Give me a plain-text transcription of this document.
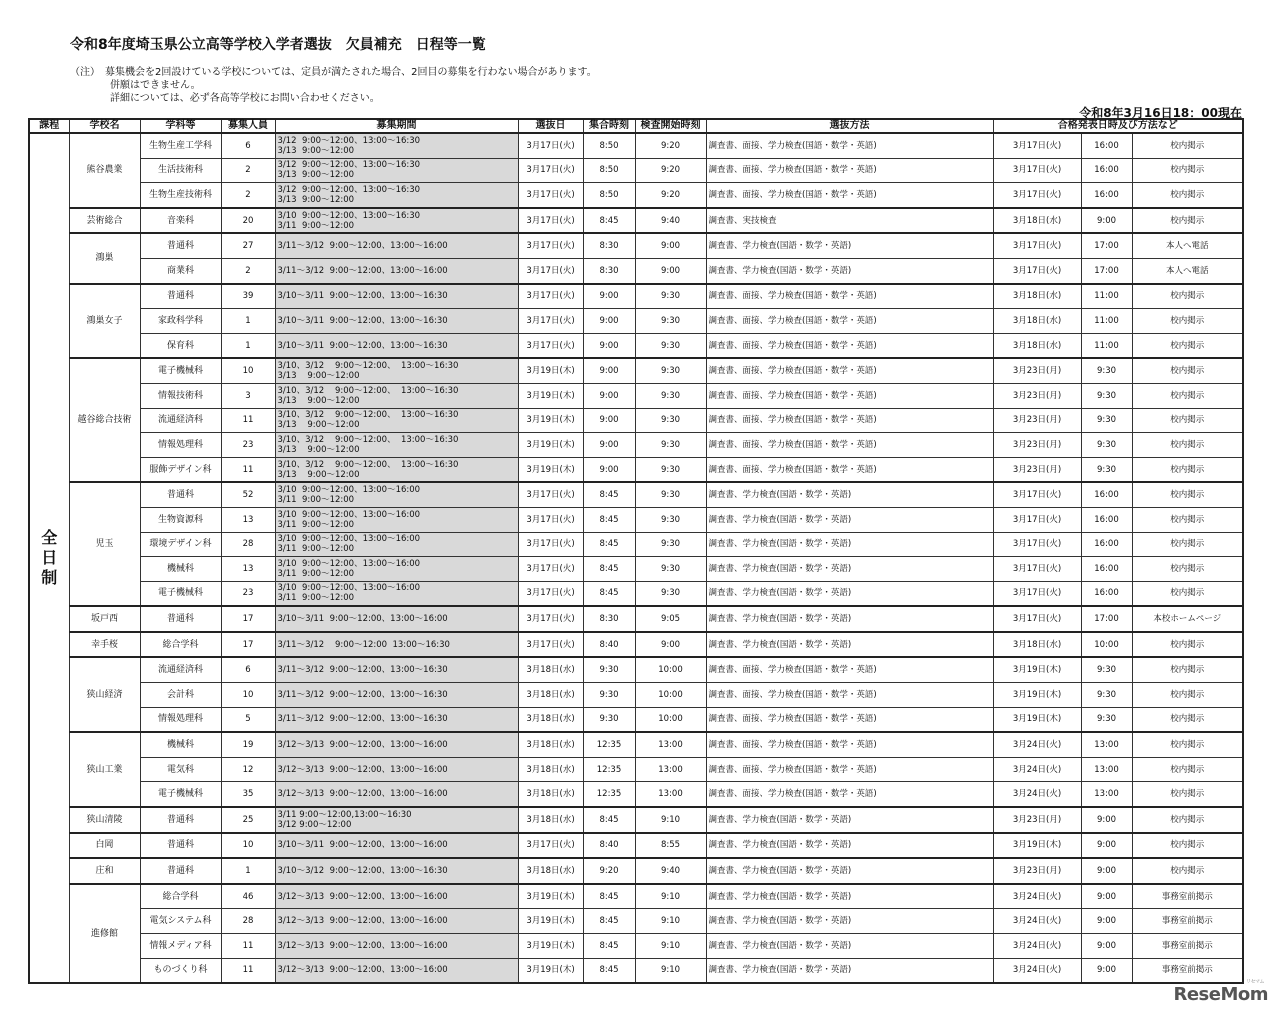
令和8年度埼玉県公立高等学校入学者選抜　欠員補充　日程等一覧
（注）　募集機会を2回設けている学校については、定員が満たされた場合、2回目の募集を行わない場合があります。
　　　　併願はできません。
　　　　詳細については、必ず各高等学校にお問い合わせください。
令和8年3月16日18：00現在
課程	学校名	学科等	募集人員	募集期間	選抜日	集合時刻	検査開始時刻	選抜方法	合格発表日時及び方法など		
全日制	熊谷農業	生物生産工学科	6	3/12  9:00～12:00、13:00～16:30
3/13  9:00～12:00	3月17日(火)	8:50	9:20	調査書、面接、学力検査(国語・数学・英語)	3月17日(火)	16:00	校内掲示
		生活技術科	2	3/12  9:00～12:00、13:00～16:30
3/13  9:00～12:00	3月17日(火)	8:50	9:20	調査書、面接、学力検査(国語・数学・英語)	3月17日(火)	16:00	校内掲示
		生物生産技術科	2	3/12  9:00～12:00、13:00～16:30
3/13  9:00～12:00	3月17日(火)	8:50	9:20	調査書、面接、学力検査(国語・数学・英語)	3月17日(火)	16:00	校内掲示
	芸術総合	音楽科	20	3/10  9:00～12:00、13:00～16:30
3/11  9:00～12:00	3月17日(火)	8:45	9:40	調査書、実技検査	3月18日(水)	9:00	校内掲示
	鴻巣	普通科	27	3/11～3/12  9:00～12:00、13:00～16:00	3月17日(火)	8:30	9:00	調査書、学力検査(国語・数学・英語)	3月17日(火)	17:00	本人へ電話
		商業科	2	3/11～3/12  9:00～12:00、13:00～16:00	3月17日(火)	8:30	9:00	調査書、学力検査(国語・数学・英語)	3月17日(火)	17:00	本人へ電話
	鴻巣女子	普通科	39	3/10～3/11  9:00～12:00、13:00～16:30	3月17日(火)	9:00	9:30	調査書、面接、学力検査(国語・数学・英語)	3月18日(水)	11:00	校内掲示
		家政科学科	1	3/10～3/11  9:00～12:00、13:00～16:30	3月17日(火)	9:00	9:30	調査書、面接、学力検査(国語・数学・英語)	3月18日(水)	11:00	校内掲示
		保育科	1	3/10～3/11  9:00～12:00、13:00～16:30	3月17日(火)	9:00	9:30	調査書、面接、学力検査(国語・数学・英語)	3月18日(水)	11:00	校内掲示
	越谷総合技術	電子機械科	10	3/10、3/12    9:00～12:00、  13:00～16:30
3/13    9:00～12:00	3月19日(木)	9:00	9:30	調査書、面接、学力検査(国語・数学・英語)	3月23日(月)	9:30	校内掲示
		情報技術科	3	3/10、3/12    9:00～12:00、  13:00～16:30
3/13    9:00～12:00	3月19日(木)	9:00	9:30	調査書、面接、学力検査(国語・数学・英語)	3月23日(月)	9:30	校内掲示
		流通経済科	11	3/10、3/12    9:00～12:00、  13:00～16:30
3/13    9:00～12:00	3月19日(木)	9:00	9:30	調査書、面接、学力検査(国語・数学・英語)	3月23日(月)	9:30	校内掲示
		情報処理科	23	3/10、3/12    9:00～12:00、  13:00～16:30
3/13    9:00～12:00	3月19日(木)	9:00	9:30	調査書、面接、学力検査(国語・数学・英語)	3月23日(月)	9:30	校内掲示
		服飾デザイン科	11	3/10、3/12    9:00～12:00、  13:00～16:30
3/13    9:00～12:00	3月19日(木)	9:00	9:30	調査書、面接、学力検査(国語・数学・英語)	3月23日(月)	9:30	校内掲示
	児玉	普通科	52	3/10  9:00～12:00、13:00～16:00
3/11  9:00～12:00	3月17日(火)	8:45	9:30	調査書、学力検査(国語・数学・英語)	3月17日(火)	16:00	校内掲示
		生物資源科	13	3/10  9:00～12:00、13:00～16:00
3/11  9:00～12:00	3月17日(火)	8:45	9:30	調査書、学力検査(国語・数学・英語)	3月17日(火)	16:00	校内掲示
		環境デザイン科	28	3/10  9:00～12:00、13:00～16:00
3/11  9:00～12:00	3月17日(火)	8:45	9:30	調査書、学力検査(国語・数学・英語)	3月17日(火)	16:00	校内掲示
		機械科	13	3/10  9:00～12:00、13:00～16:00
3/11  9:00～12:00	3月17日(火)	8:45	9:30	調査書、学力検査(国語・数学・英語)	3月17日(火)	16:00	校内掲示
		電子機械科	23	3/10  9:00～12:00、13:00～16:00
3/11  9:00～12:00	3月17日(火)	8:45	9:30	調査書、学力検査(国語・数学・英語)	3月17日(火)	16:00	校内掲示
	坂戸西	普通科	17	3/10～3/11  9:00～12:00、13:00～16:00	3月17日(火)	8:30	9:05	調査書、学力検査(国語・数学・英語)	3月17日(火)	17:00	本校ホームページ
	幸手桜	総合学科	17	3/11～3/12    9:00～12:00  13:00～16:30	3月17日(火)	8:40	9:00	調査書、学力検査(国語・数学・英語)	3月18日(水)	10:00	校内掲示
	狭山経済	流通経済科	6	3/11～3/12  9:00～12:00、13:00～16:30	3月18日(水)	9:30	10:00	調査書、面接、学力検査(国語・数学・英語)	3月19日(木)	9:30	校内掲示
		会計科	10	3/11～3/12  9:00～12:00、13:00～16:30	3月18日(水)	9:30	10:00	調査書、面接、学力検査(国語・数学・英語)	3月19日(木)	9:30	校内掲示
		情報処理科	5	3/11～3/12  9:00～12:00、13:00～16:30	3月18日(水)	9:30	10:00	調査書、面接、学力検査(国語・数学・英語)	3月19日(木)	9:30	校内掲示
	狭山工業	機械科	19	3/12～3/13  9:00～12:00、13:00～16:00	3月18日(水)	12:35	13:00	調査書、面接、学力検査(国語・数学・英語)	3月24日(火)	13:00	校内掲示
		電気科	12	3/12～3/13  9:00～12:00、13:00～16:00	3月18日(水)	12:35	13:00	調査書、面接、学力検査(国語・数学・英語)	3月24日(火)	13:00	校内掲示
		電子機械科	35	3/12～3/13  9:00～12:00、13:00～16:00	3月18日(水)	12:35	13:00	調査書、面接、学力検査(国語・数学・英語)	3月24日(火)	13:00	校内掲示
	狭山清陵	普通科	25	3/11 9:00～12:00,13:00～16:30
3/12 9:00～12:00	3月18日(水)	8:45	9:10	調査書、学力検査(国語・数学・英語)	3月23日(月)	9:00	校内掲示
	白岡	普通科	10	3/10～3/11  9:00～12:00、13:00～16:00	3月17日(火)	8:40	8:55	調査書、学力検査(国語・数学・英語)	3月19日(木)	9:00	校内掲示
	庄和	普通科	1	3/10～3/12  9:00～12:00、13:00～16:30	3月18日(水)	9:20	9:40	調査書、学力検査(国語・数学・英語)	3月23日(月)	9:00	校内掲示
	進修館	総合学科	46	3/12～3/13  9:00～12:00、13:00～16:00	3月19日(木)	8:45	9:10	調査書、学力検査(国語・数学・英語)	3月24日(火)	9:00	事務室前掲示
		電気システム科	28	3/12～3/13  9:00～12:00、13:00～16:00	3月19日(木)	8:45	9:10	調査書、学力検査(国語・数学・英語)	3月24日(火)	9:00	事務室前掲示
		情報メディア科	11	3/12～3/13  9:00～12:00、13:00～16:00	3月19日(木)	8:45	9:10	調査書、学力検査(国語・数学・英語)	3月24日(火)	9:00	事務室前掲示
		ものづくり科	11	3/12～3/13  9:00～12:00、13:00～16:00	3月19日(木)	8:45	9:10	調査書、学力検査(国語・数学・英語)	3月24日(火)	9:00	事務室前掲示
ReseMom
リセマム
